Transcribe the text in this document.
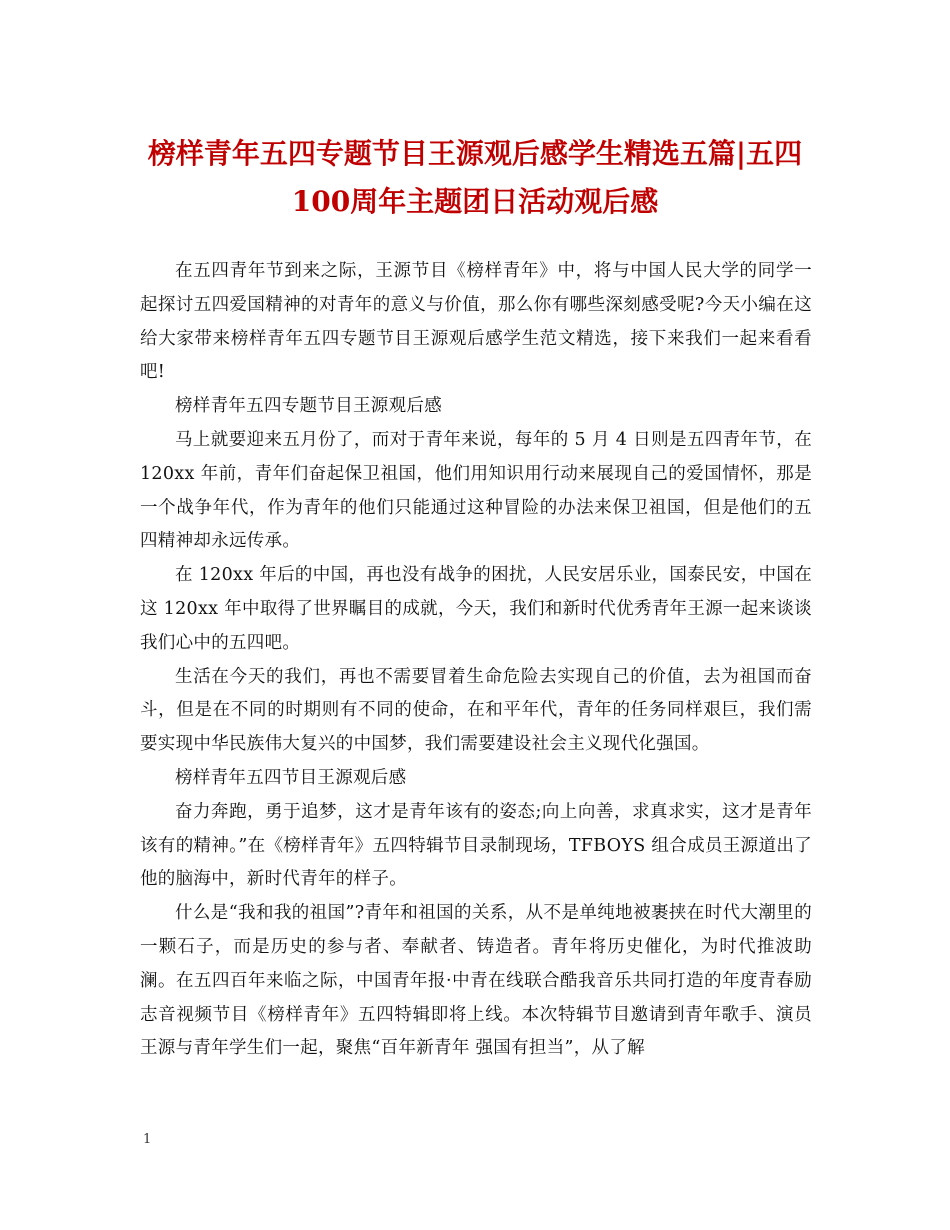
榜样青年五四专题节目王源观后感学生精选五篇|五四100周年主题团日活动观后感

在五四青年节到来之际，王源节目《榜样青年》中，将与中国人民大学的同学一起探讨五四爱国精神的对青年的意义与价值，那么你有哪些深刻感受呢?今天小编在这给大家带来榜样青年五四专题节目王源观后感学生范文精选，接下来我们一起来看看吧!

榜样青年五四专题节目王源观后感

马上就要迎来五月份了，而对于青年来说，每年的 5 月 4 日则是五四青年节，在 120xx 年前，青年们奋起保卫祖国，他们用知识用行动来展现自己的爱国情怀，那是一个战争年代，作为青年的他们只能通过这种冒险的办法来保卫祖国，但是他们的五四精神却永远传承。

在 120xx 年后的中国，再也没有战争的困扰，人民安居乐业，国泰民安，中国在这 120xx 年中取得了世界瞩目的成就，今天，我们和新时代优秀青年王源一起来谈谈我们心中的五四吧。

生活在今天的我们，再也不需要冒着生命危险去实现自己的价值，去为祖国而奋斗，但是在不同的时期则有不同的使命，在和平年代，青年的任务同样艰巨，我们需要实现中华民族伟大复兴的中国梦，我们需要建设社会主义现代化强国。

榜样青年五四节目王源观后感

奋力奔跑，勇于追梦，这才是青年该有的姿态;向上向善，求真求实，这才是青年该有的精神。”在《榜样青年》五四特辑节目录制现场，TFBOYS 组合成员王源道出了他的脑海中，新时代青年的样子。

什么是“我和我的祖国”?青年和祖国的关系，从不是单纯地被裹挟在时代大潮里的一颗石子，而是历史的参与者、奉献者、铸造者。青年将历史催化，为时代推波助澜。在五四百年来临之际，中国青年报·中青在线联合酷我音乐共同打造的年度青春励志音视频节目《榜样青年》五四特辑即将上线。本次特辑节目邀请到青年歌手、演员王源与青年学生们一起，聚焦“百年新青年 强国有担当”，从了解

1
